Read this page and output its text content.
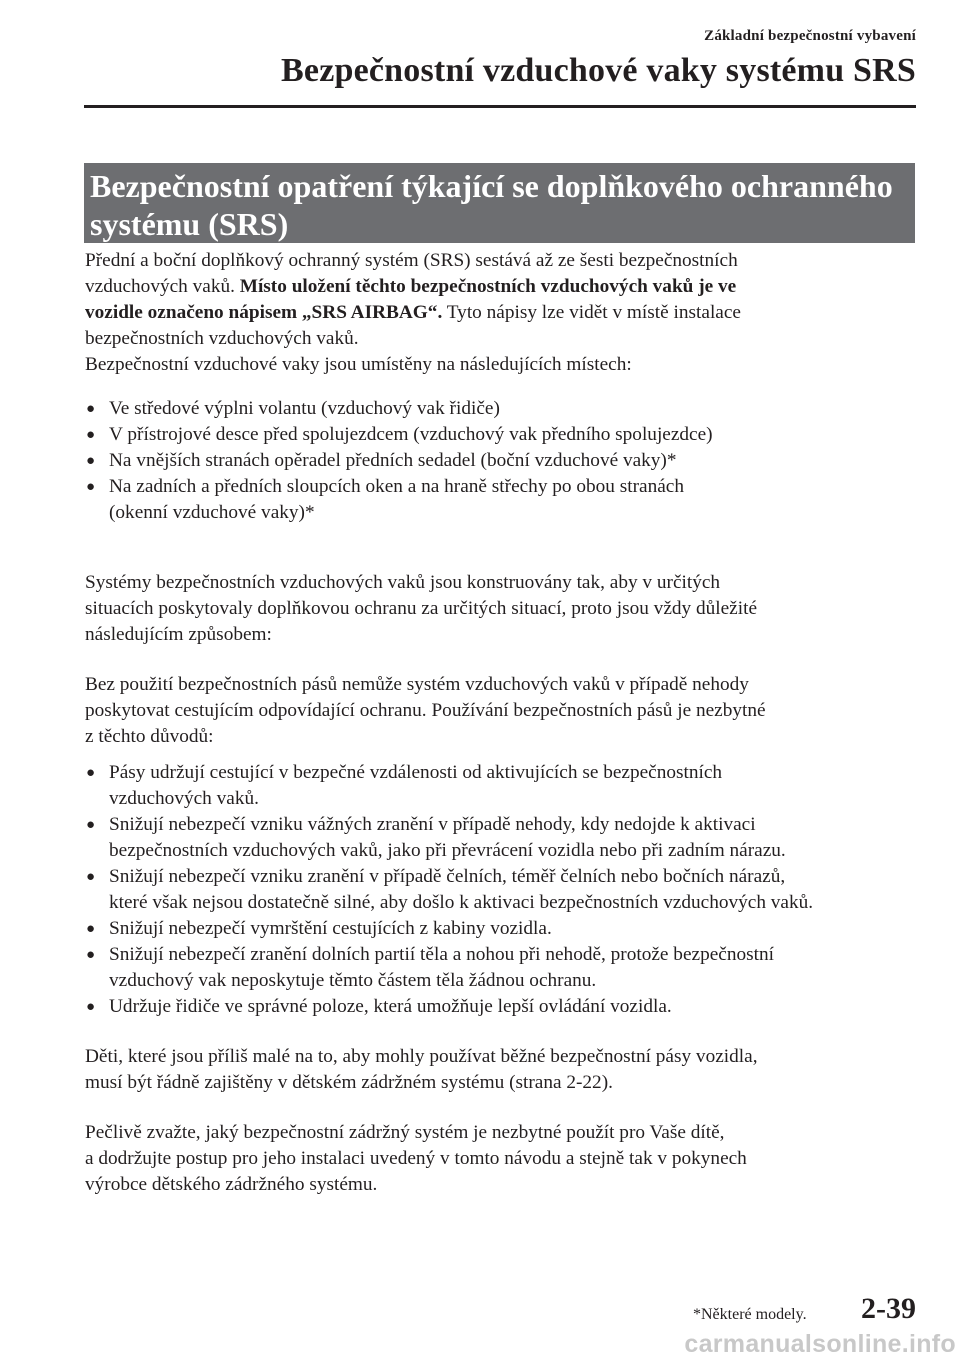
Základní bezpečnostní vybavení
Bezpečnostní vzduchové vaky systému SRS
Bezpečnostní opatření týkající se doplňkového ochranného
systému (SRS)

Přední a boční doplňkový ochranný systém (SRS) sestává až ze šesti bezpečnostních
vzduchových vaků. Místo uložení těchto bezpečnostních vzduchových vaků je ve
vozidle označeno nápisem „SRS AIRBAG“. Tyto nápisy lze vidět v místě instalace
bezpečnostních vzduchových vaků.

Bezpečnostní vzduchové vaky jsou umístěny na následujících místech:

● Ve středové výplni volantu (vzduchový vak řidiče)
● V přístrojové desce před spolujezdcem (vzduchový vak předního spolujezdce)
● Na vnějších stranách opěradel předních sedadel (boční vzduchové vaky)*
● Na zadních a předních sloupcích oken a na hraně střechy po obou stranách
(okenní vzduchové vaky)*

Systémy bezpečnostních vzduchových vaků jsou konstruovány tak, aby v určitých
situacích poskytovaly doplňkovou ochranu za určitých situací, proto jsou vždy důležité
následujícím způsobem:

Bez použití bezpečnostních pásů nemůže systém vzduchových vaků v případě nehody
poskytovat cestujícím odpovídající ochranu. Používání bezpečnostních pásů je nezbytné
z těchto důvodů:

● Pásy udržují cestující v bezpečné vzdálenosti od aktivujících se bezpečnostních
vzduchových vaků.
● Snižují nebezpečí vzniku vážných zranění v případě nehody, kdy nedojde k aktivaci
bezpečnostních vzduchových vaků, jako při převrácení vozidla nebo při zadním nárazu.
● Snižují nebezpečí vzniku zranění v případě čelních, téměř čelních nebo bočních nárazů,
které však nejsou dostatečně silné, aby došlo k aktivaci bezpečnostních vzduchových vaků.
● Snižují nebezpečí vymrštění cestujících z kabiny vozidla.
● Snižují nebezpečí zranění dolních partií těla a nohou při nehodě, protože bezpečnostní
vzduchový vak neposkytuje těmto částem těla žádnou ochranu.
● Udržuje řidiče ve správné poloze, která umožňuje lepší ovládání vozidla.

Děti, které jsou příliš malé na to, aby mohly používat běžné bezpečnostní pásy vozidla,
musí být řádně zajištěny v dětském zádržném systému (strana 2-22).

Pečlivě zvažte, jaký bezpečnostní zádržný systém je nezbytné použít pro Vaše dítě,
a dodržujte postup pro jeho instalaci uvedený v tomto návodu a stejně tak v pokynech
výrobce dětského zádržného systému.

*Některé modely. 2-39
carmanualsonline.info
